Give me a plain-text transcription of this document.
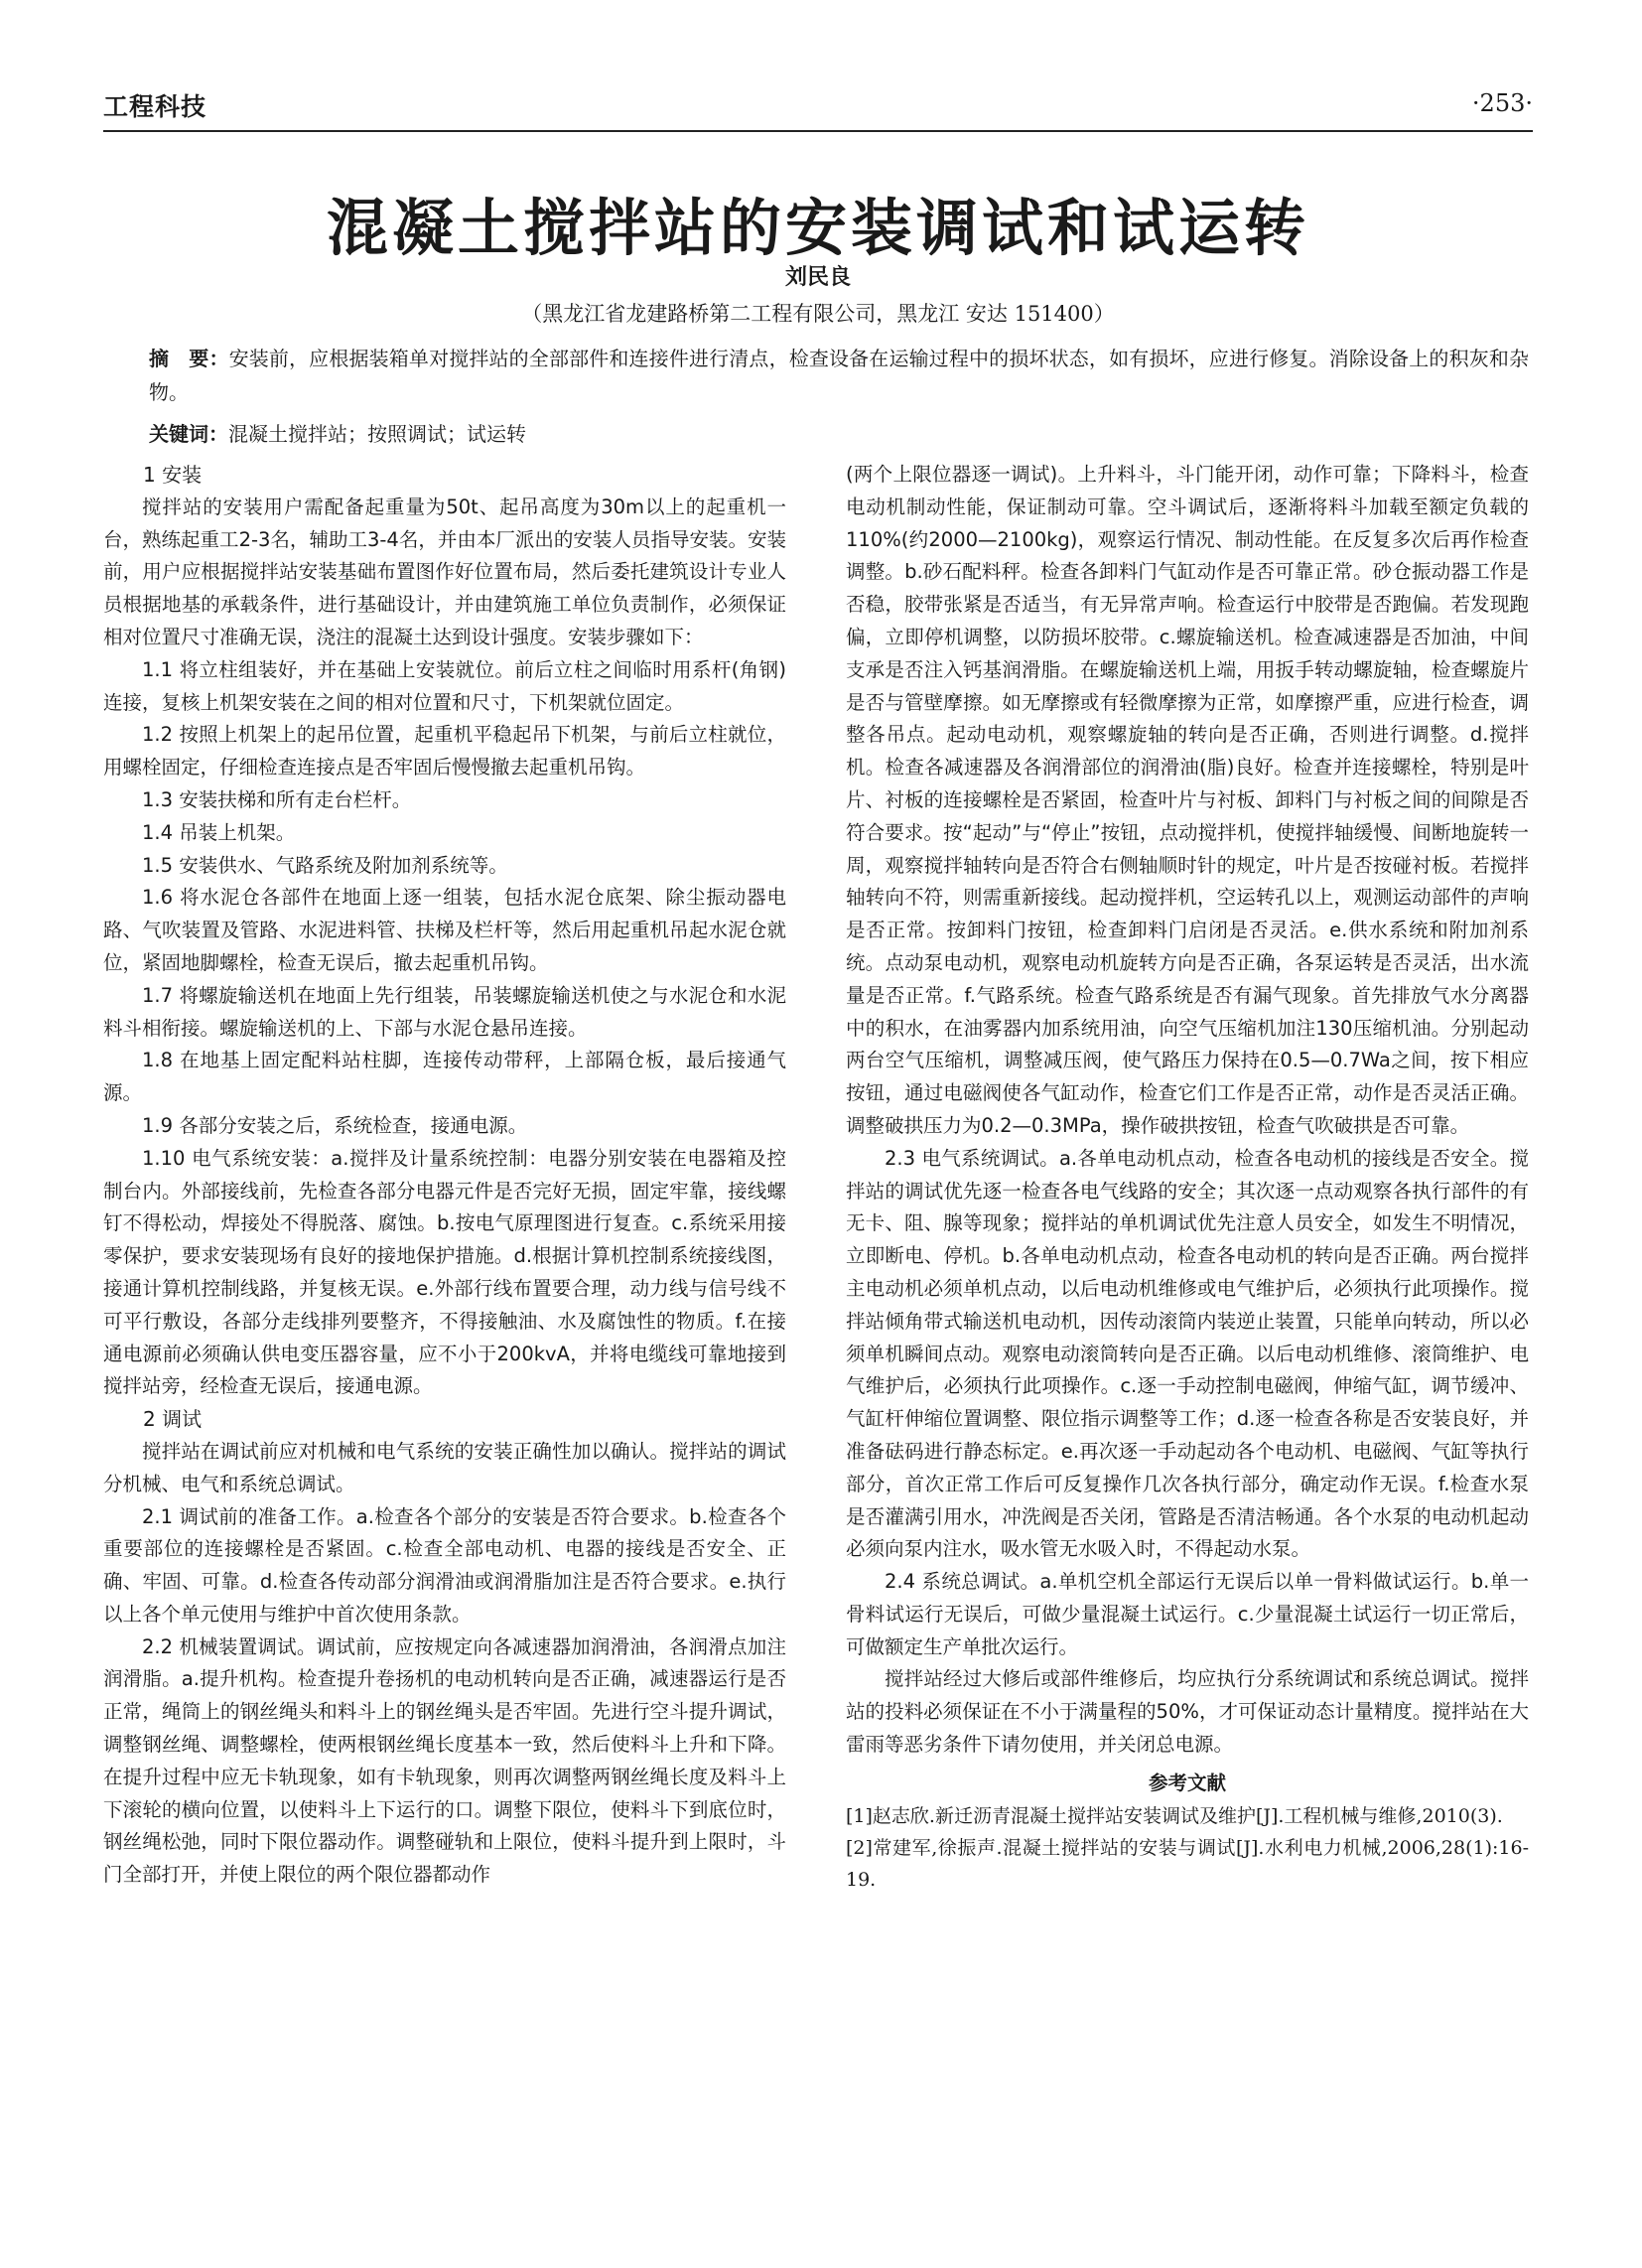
工程科技	·253·
混凝土搅拌站的安装调试和试运转
刘民良
（黑龙江省龙建路桥第二工程有限公司，黑龙江 安达 151400）
摘　要：安装前，应根据装箱单对搅拌站的全部部件和连接件进行清点，检查设备在运输过程中的损坏状态，如有损坏，应进行修复。消除设备上的积灰和杂物。
关键词：混凝土搅拌站；按照调试；试运转
1 安装

搅拌站的安装用户需配备起重量为50t、起吊高度为30m以上的起重机一台，熟练起重工2-3名，辅助工3-4名，并由本厂派出的安装人员指导安装。安装前，用户应根据搅拌站安装基础布置图作好位置布局，然后委托建筑设计专业人员根据地基的承载条件，进行基础设计，并由建筑施工单位负责制作，必须保证相对位置尺寸准确无误，浇注的混凝土达到设计强度。安装步骤如下：

1.1 将立柱组装好，并在基础上安装就位。前后立柱之间临时用系杆(角钢)连接，复核上机架安装在之间的相对位置和尺寸，下机架就位固定。

1.2 按照上机架上的起吊位置，起重机平稳起吊下机架，与前后立柱就位，用螺栓固定，仔细检查连接点是否牢固后慢慢撤去起重机吊钩。

1.3 安装扶梯和所有走台栏杆。

1.4 吊装上机架。

1.5 安装供水、气路系统及附加剂系统等。

1.6 将水泥仓各部件在地面上逐一组装，包括水泥仓底架、除尘振动器电路、气吹装置及管路、水泥进料管、扶梯及栏杆等，然后用起重机吊起水泥仓就位，紧固地脚螺栓，检查无误后，撤去起重机吊钩。

1.7 将螺旋输送机在地面上先行组装，吊装螺旋输送机使之与水泥仓和水泥料斗相衔接。螺旋输送机的上、下部与水泥仓悬吊连接。

1.8 在地基上固定配料站柱脚，连接传动带秤，上部隔仓板，最后接通气源。

1.9 各部分安装之后，系统检查，接通电源。

1.10 电气系统安装：a.搅拌及计量系统控制：电器分别安装在电器箱及控制台内。外部接线前，先检查各部分电器元件是否完好无损，固定牢靠，接线螺钉不得松动，焊接处不得脱落、腐蚀。b.按电气原理图进行复查。c.系统采用接零保护，要求安装现场有良好的接地保护措施。d.根据计算机控制系统接线图，接通计算机控制线路，并复核无误。e.外部行线布置要合理，动力线与信号线不可平行敷设，各部分走线排列要整齐，不得接触油、水及腐蚀性的物质。f.在接通电源前必须确认供电变压器容量，应不小于200kvA，并将电缆线可靠地接到搅拌站旁，经检查无误后，接通电源。

2 调试

搅拌站在调试前应对机械和电气系统的安装正确性加以确认。搅拌站的调试分机械、电气和系统总调试。

2.1 调试前的准备工作。a.检查各个部分的安装是否符合要求。b.检查各个重要部位的连接螺栓是否紧固。c.检查全部电动机、电器的接线是否安全、正确、牢固、可靠。d.检查各传动部分润滑油或润滑脂加注是否符合要求。e.执行以上各个单元使用与维护中首次使用条款。

2.2 机械装置调试。调试前，应按规定向各减速器加润滑油，各润滑点加注润滑脂。a.提升机构。检查提升卷扬机的电动机转向是否正确，减速器运行是否正常，绳筒上的钢丝绳头和料斗上的钢丝绳头是否牢固。先进行空斗提升调试，调整钢丝绳、调整螺栓，使两根钢丝绳长度基本一致，然后使料斗上升和下降。在提升过程中应无卡轨现象，如有卡轨现象，则再次调整两钢丝绳长度及料斗上下滚轮的横向位置，以使料斗上下运行的口。调整下限位，使料斗下到底位时，钢丝绳松弛，同时下限位器动作。调整碰轨和上限位，使料斗提升到上限时，斗门全部打开，并使上限位的两个限位器都动作

(两个上限位器逐一调试)。上升料斗，斗门能开闭，动作可靠；下降料斗，检查电动机制动性能，保证制动可靠。空斗调试后，逐渐将料斗加载至额定负载的110%(约2000—2100kg)，观察运行情况、制动性能。在反复多次后再作检查调整。b.砂石配料秤。检查各卸料门气缸动作是否可靠正常。砂仓振动器工作是否稳，胶带张紧是否适当，有无异常声响。检查运行中胶带是否跑偏。若发现跑偏，立即停机调整，以防损坏胶带。c.螺旋输送机。检查减速器是否加油，中间支承是否注入钙基润滑脂。在螺旋输送机上端，用扳手转动螺旋轴，检查螺旋片是否与管壁摩擦。如无摩擦或有轻微摩擦为正常，如摩擦严重，应进行检查，调整各吊点。起动电动机，观察螺旋轴的转向是否正确，否则进行调整。d.搅拌机。检查各减速器及各润滑部位的润滑油(脂)良好。检查并连接螺栓，特别是叶片、衬板的连接螺栓是否紧固，检查叶片与衬板、卸料门与衬板之间的间隙是否符合要求。按“起动”与“停止”按钮，点动搅拌机，使搅拌轴缓慢、间断地旋转一周，观察搅拌轴转向是否符合右侧轴顺时针的规定，叶片是否按碰衬板。若搅拌轴转向不符，则需重新接线。起动搅拌机，空运转孔以上，观测运动部件的声响是否正常。按卸料门按钮，检查卸料门启闭是否灵活。e.供水系统和附加剂系统。点动泵电动机，观察电动机旋转方向是否正确，各泵运转是否灵活，出水流量是否正常。f.气路系统。检查气路系统是否有漏气现象。首先排放气水分离器中的积水，在油雾器内加系统用油，向空气压缩机加注130压缩机油。分别起动两台空气压缩机，调整减压阀，使气路压力保持在0.5—0.7Wa之间，按下相应按钮，通过电磁阀使各气缸动作，检查它们工作是否正常，动作是否灵活正确。调整破拱压力为0.2—0.3MPa，操作破拱按钮，检查气吹破拱是否可靠。

2.3 电气系统调试。a.各单电动机点动，检查各电动机的接线是否安全。搅拌站的调试优先逐一检查各电气线路的安全；其次逐一点动观察各执行部件的有无卡、阻、腺等现象；搅拌站的单机调试优先注意人员安全，如发生不明情况，立即断电、停机。b.各单电动机点动，检查各电动机的转向是否正确。两台搅拌主电动机必须单机点动，以后电动机维修或电气维护后，必须执行此项操作。搅拌站倾角带式输送机电动机，因传动滚筒内装逆止装置，只能单向转动，所以必须单机瞬间点动。观察电动滚筒转向是否正确。以后电动机维修、滚筒维护、电气维护后，必须执行此项操作。c.逐一手动控制电磁阀，伸缩气缸，调节缓冲、气缸杆伸缩位置调整、限位指示调整等工作；d.逐一检查各称是否安装良好，并准备砝码进行静态标定。e.再次逐一手动起动各个电动机、电磁阀、气缸等执行部分，首次正常工作后可反复操作几次各执行部分，确定动作无误。f.检查水泵是否灌满引用水，冲洗阀是否关闭，管路是否清洁畅通。各个水泵的电动机起动必须向泵内注水，吸水管无水吸入时，不得起动水泵。

2.4 系统总调试。a.单机空机全部运行无误后以单一骨料做试运行。b.单一骨料试运行无误后，可做少量混凝土试运行。c.少量混凝土试运行一切正常后，可做额定生产单批次运行。

搅拌站经过大修后或部件维修后，均应执行分系统调试和系统总调试。搅拌站的投料必须保证在不小于满量程的50%，才可保证动态计量精度。搅拌站在大雷雨等恶劣条件下请勿使用，并关闭总电源。

参考文献

[1]赵志欣.新迁沥青混凝土搅拌站安装调试及维护[J].工程机械与维修,2010(3).

[2]常建军,徐振声.混凝土搅拌站的安装与调试[J].水利电力机械,2006,28(1):16-19.
